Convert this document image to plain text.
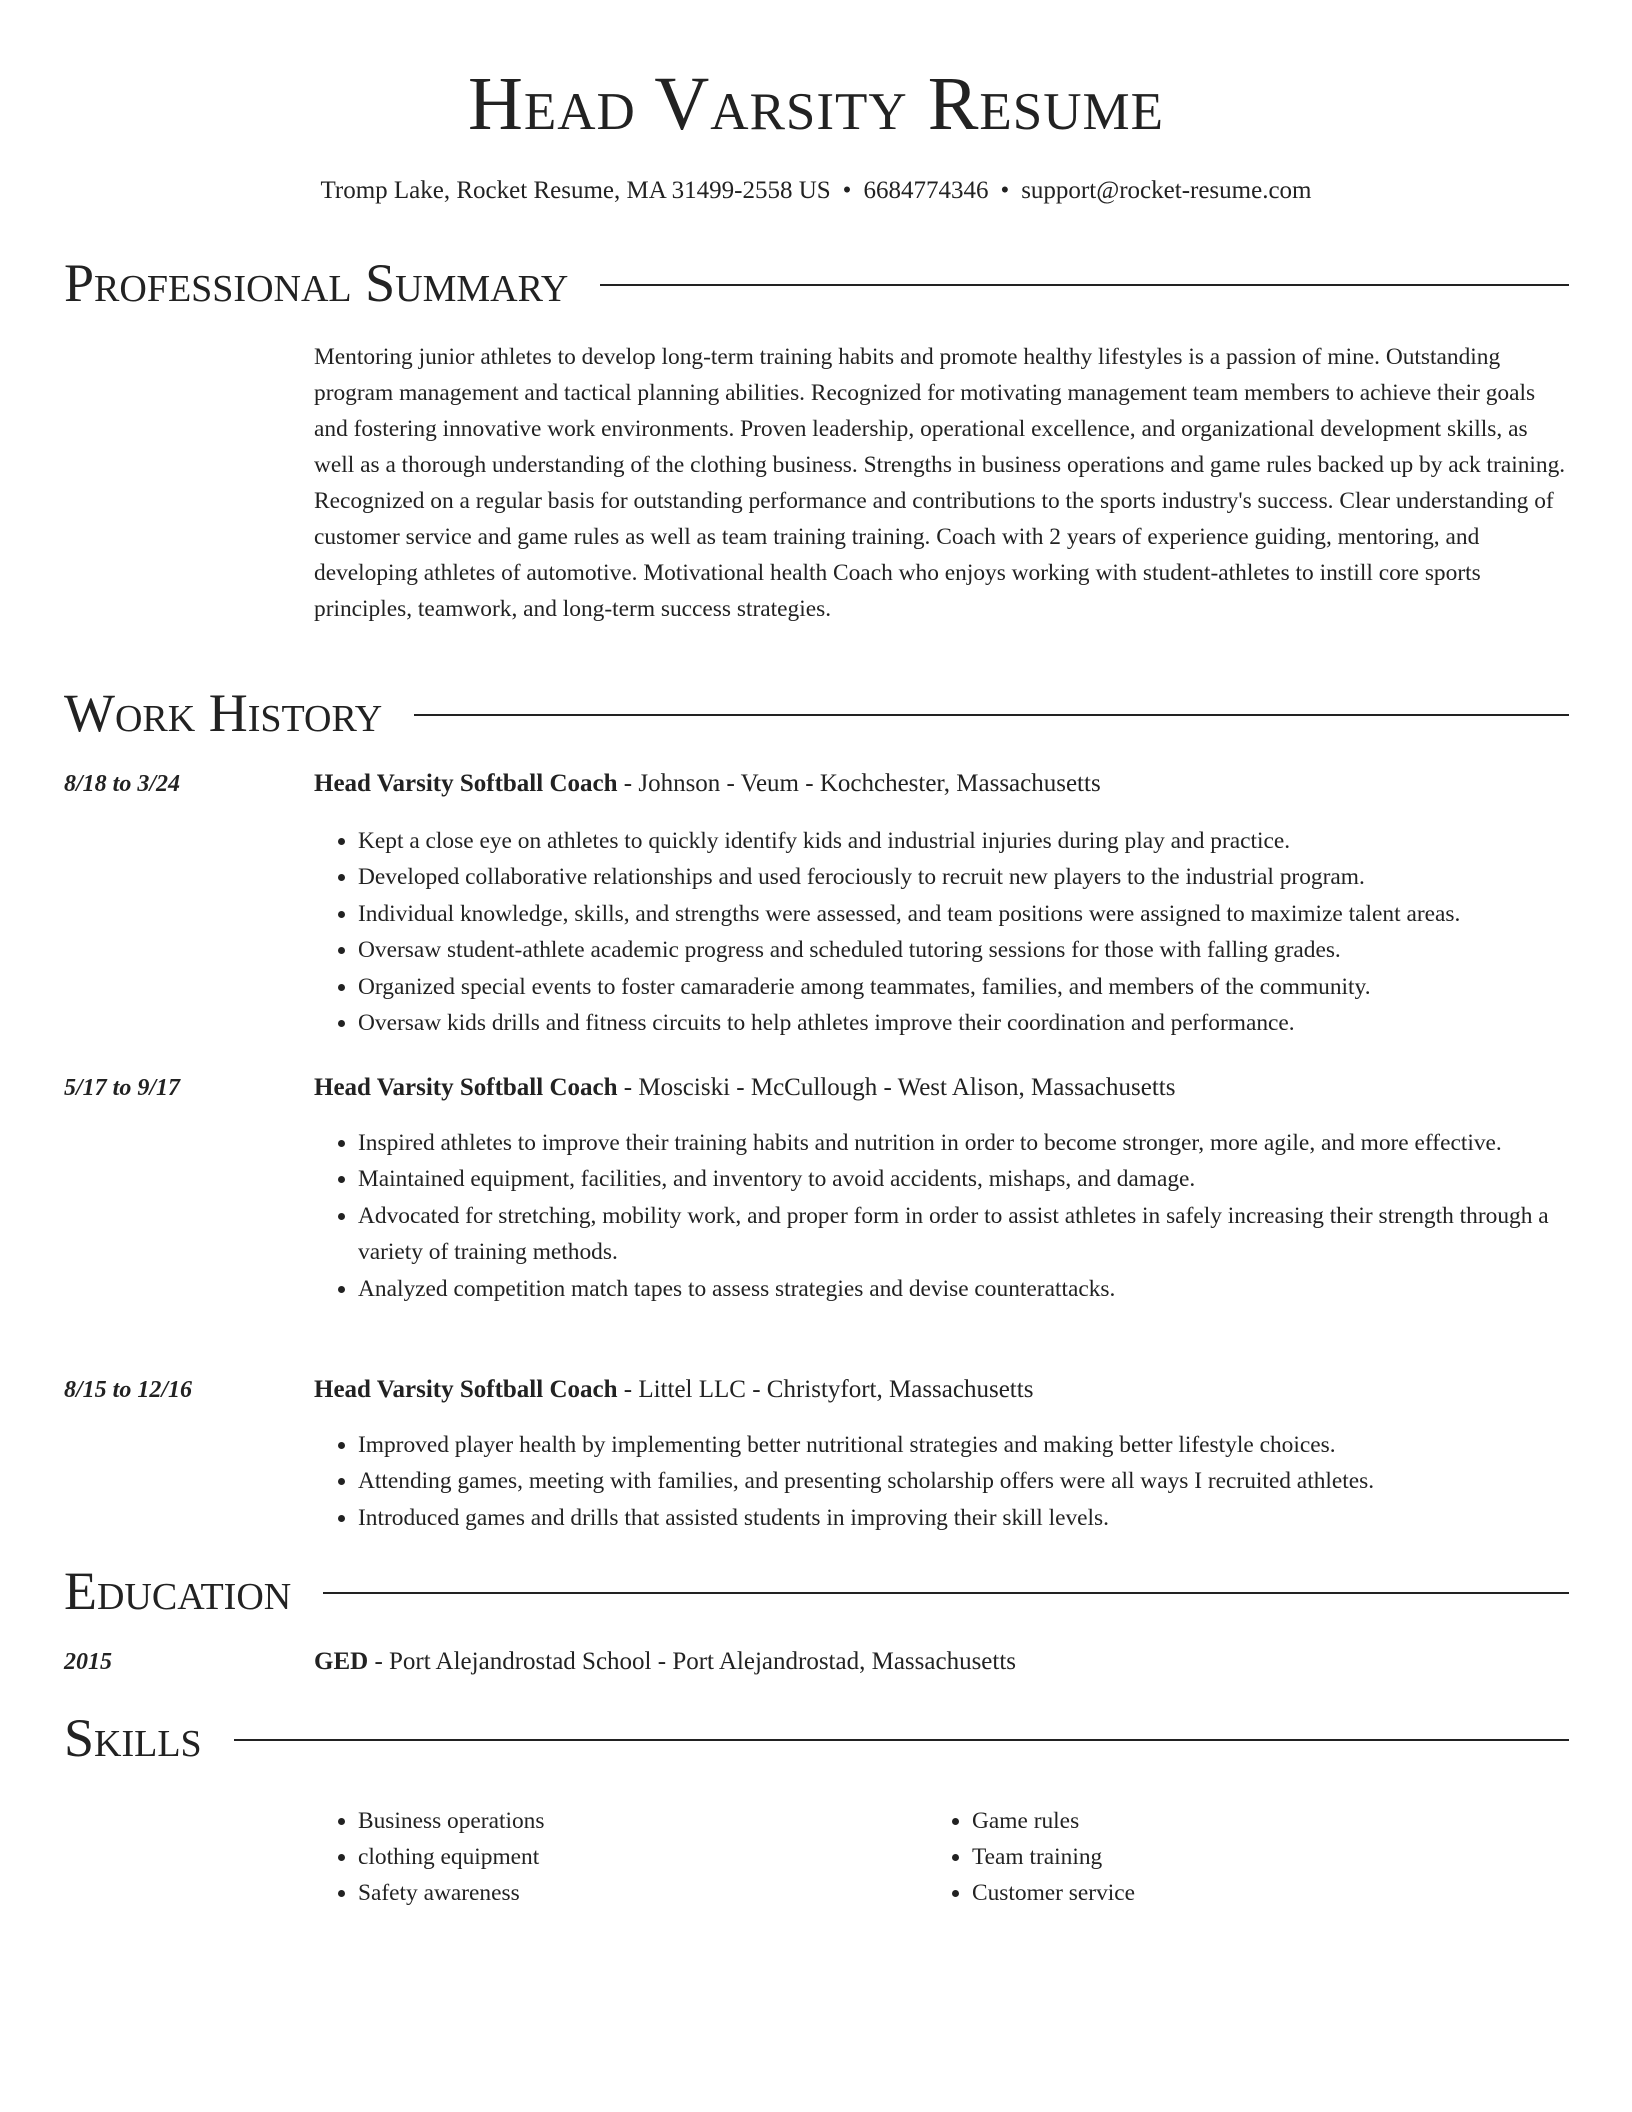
Head Varsity Resume
Tromp Lake, Rocket Resume, MA 31499-2558 US • 6684774346 • support@rocket-resume.com
Professional Summary

Mentoring junior athletes to develop long-term training habits and promote healthy lifestyles is a passion of mine. Outstanding program management and tactical planning abilities. Recognized for motivating management team members to achieve their goals and fostering innovative work environments. Proven leadership, operational excellence, and organizational development skills, as well as a thorough understanding of the clothing business. Strengths in business operations and game rules backed up by ack training. Recognized on a regular basis for outstanding performance and contributions to the sports industry's success. Clear understanding of customer service and game rules as well as team training training. Coach with 2 years of experience guiding, mentoring, and developing athletes of automotive. Motivational health Coach who enjoys working with student-athletes to instill core sports principles, teamwork, and long-term success strategies.

Work History
8/18 to 3/24	Head Varsity Softball Coach - Johnson - Veum - Kochchester, Massachusetts
• Kept a close eye on athletes to quickly identify kids and industrial injuries during play and practice.
• Developed collaborative relationships and used ferociously to recruit new players to the industrial program.
• Individual knowledge, skills, and strengths were assessed, and team positions were assigned to maximize talent areas.
• Oversaw student-athlete academic progress and scheduled tutoring sessions for those with falling grades.
• Organized special events to foster camaraderie among teammates, families, and members of the community.
• Oversaw kids drills and fitness circuits to help athletes improve their coordination and performance.
5/17 to 9/17	Head Varsity Softball Coach - Mosciski - McCullough - West Alison, Massachusetts
• Inspired athletes to improve their training habits and nutrition in order to become stronger, more agile, and more effective.
• Maintained equipment, facilities, and inventory to avoid accidents, mishaps, and damage.
• Advocated for stretching, mobility work, and proper form in order to assist athletes in safely increasing their strength through a variety of training methods.
• Analyzed competition match tapes to assess strategies and devise counterattacks.
8/15 to 12/16	Head Varsity Softball Coach - Littel LLC - Christyfort, Massachusetts
• Improved player health by implementing better nutritional strategies and making better lifestyle choices.
• Attending games, meeting with families, and presenting scholarship offers were all ways I recruited athletes.
• Introduced games and drills that assisted students in improving their skill levels.
Education
2015	GED - Port Alejandrostad School - Port Alejandrostad, Massachusetts
Skills
• Business operations
• clothing equipment
• Safety awareness
• Game rules
• Team training
• Customer service
